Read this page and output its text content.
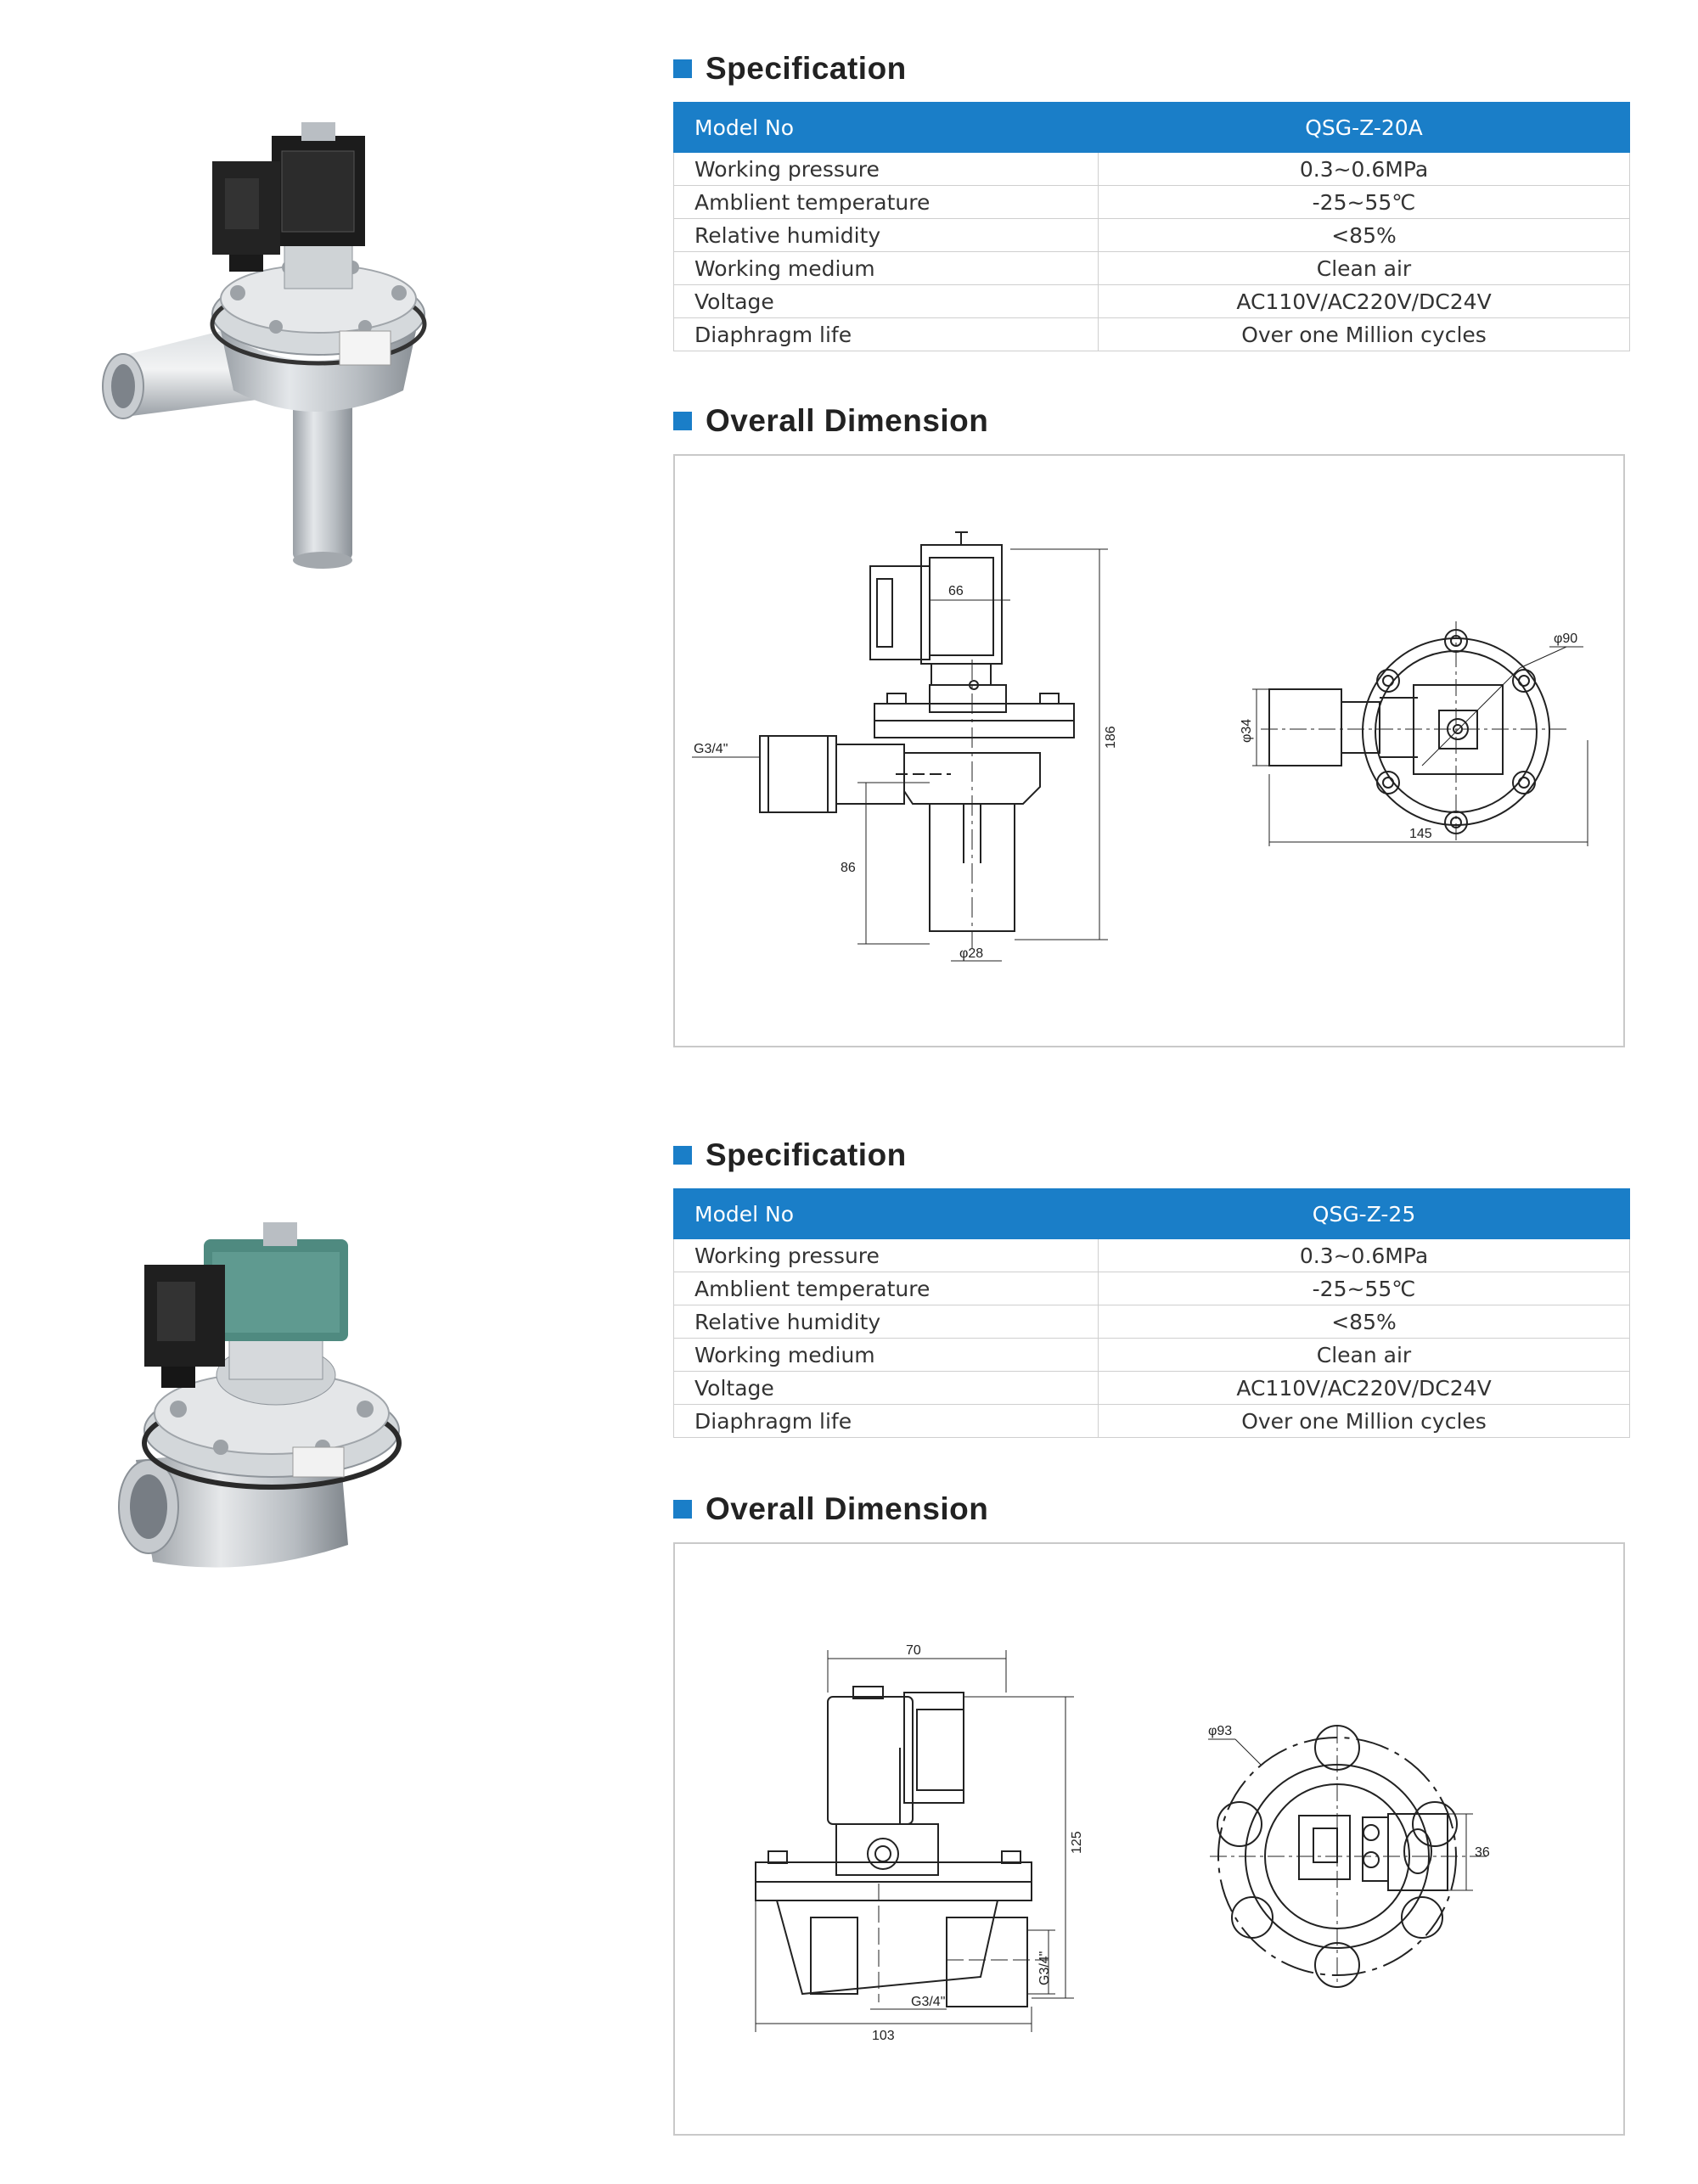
Specification
Model No	QSG-Z-20A
Working pressure	0.3~0.6MPa
Amblient temperature	-25~55℃
Relative humidity	<85%
Working medium	Clean air
Voltage	AC110V/AC220V/DC24V
Diaphragm life	Over one Million cycles
Overall Dimension
66
186
G3/4"
86
φ28
φ90
φ34
145
Specification
Model No	QSG-Z-25
Working pressure	0.3~0.6MPa
Amblient temperature	-25~55℃
Relative humidity	<85%
Working medium	Clean air
Voltage	AC110V/AC220V/DC24V
Diaphragm life	Over one Million cycles
Overall Dimension
70
125
G3/4"
G3/4"
103
φ93
36
